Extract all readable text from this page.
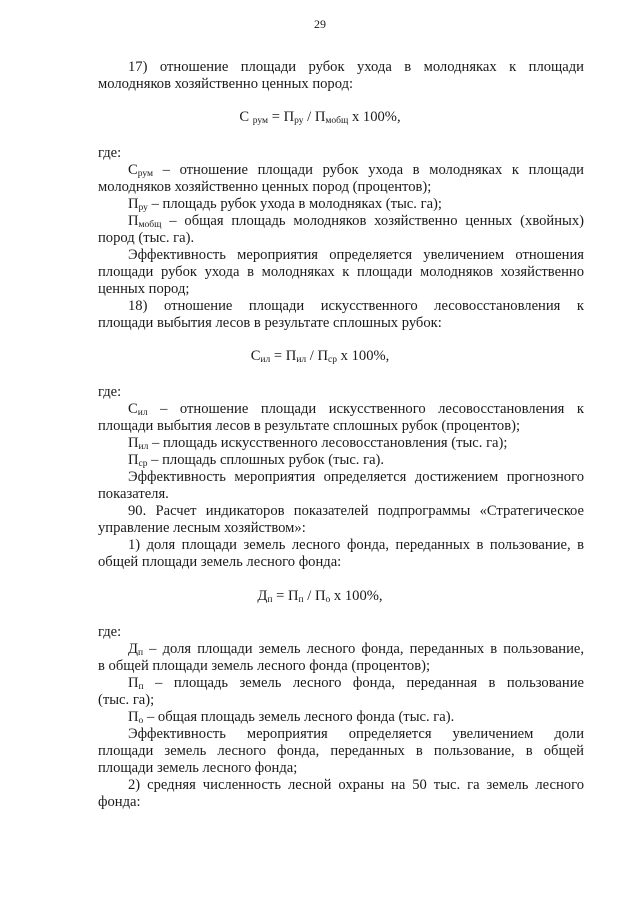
29
17) отношение площади рубок ухода в молодняках к площади
молодняков хозяйственно ценных пород:
С $_{рум} = П_{ру} / П_{мобщ}$ х 100%,
где:
$С_{рум}$ – отношение площади рубок ухода в молодняках к площади
молодняков хозяйственно ценных пород (процентов);
$П_{ру}$ – площадь рубок ухода в молодняках (тыс. га);
$П_{мобщ}$ – общая площадь молодняков хозяйственно ценных (хвойных)
пород (тыс. га).
Эффективность мероприятия определяется увеличением отношения
площади рубок ухода в молодняках к площади молодняков хозяйственно
ценных пород;
18) отношение площади искусственного лесовосстановления к
площади выбытия лесов в результате сплошных рубок:
$С_{ил} = П_{ил} / П_{ср}$ х 100%,
где:
$С_{ил}$ – отношение площади искусственного лесовосстановления к
площади выбытия лесов в результате сплошных рубок (процентов);
$П_{ил}$ – площадь искусственного лесовосстановления (тыс. га);
$П_{ср}$ – площадь сплошных рубок (тыс. га).
Эффективность мероприятия определяется достижением прогнозного
показателя.
90. Расчет индикаторов показателей подпрограммы «Стратегическое
управление лесным хозяйством»:
1) доля площади земель лесного фонда, переданных в пользование, в
общей площади земель лесного фонда:
$Д_п = П_п / П_о$ х 100%,
где:
$Д_п$ – доля площади земель лесного фонда, переданных в пользование,
в общей площади земель лесного фонда (процентов);
$П_п$ – площадь земель лесного фонда, переданная в пользование
(тыс. га);
$П_о$ – общая площадь земель лесного фонда (тыс. га).
Эффективность мероприятия определяется увеличением доли
площади земель лесного фонда, переданных в пользование, в общей
площади земель лесного фонда;
2) средняя численность лесной охраны на 50 тыс. га земель лесного
фонда:
